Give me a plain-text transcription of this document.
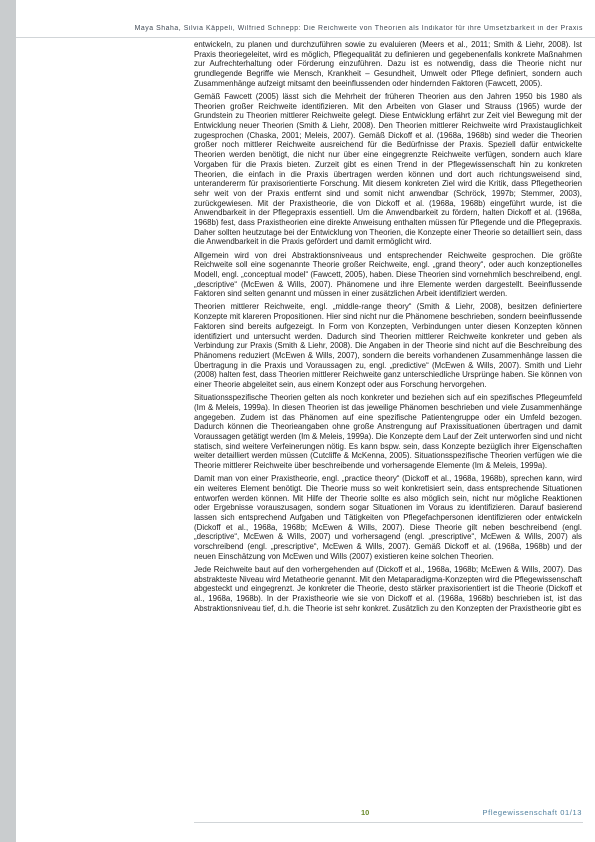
Maya Shaha, Silvia Käppeli, Wilfried Schnepp: Die Reichweite von Theorien als Indikator für ihre Umsetzbarkeit in der Praxis

entwickeln, zu planen und durchzuführen sowie zu evaluieren (Meers et al., 2011; Smith & Liehr, 2008). Ist Praxis theoriegeleitet, wird es möglich, Pflegequalität zu definieren und gegebenenfalls konkrete Maßnahmen zur Aufrechterhaltung oder Förderung einzuführen. Dazu ist es notwendig, dass die Theorie nicht nur grundlegende Begriffe wie Mensch, Krankheit – Gesundheit, Umwelt oder Pflege definiert, sondern auch Zusammenhänge aufzeigt mitsamt den beeinflussenden oder hindernden Faktoren (Fawcett, 2005).

Gemäß Fawcett (2005) lässt sich die Mehrheit der früheren Theorien aus den Jahren 1950 bis 1980 als Theorien großer Reichweite identifizieren. Mit den Arbeiten von Glaser und Strauss (1965) wurde der Grundstein zu Theorien mittlerer Reichweite gelegt. Diese Entwicklung erfährt zur Zeit viel Bewegung mit der Entwicklung neuer Theorien (Smith & Liehr, 2008). Den Theorien mittlerer Reichweite wird Praxistauglichkeit zugesprochen (Chaska, 2001; Meleis, 2007). Gemäß Dickoff et al. (1968a, 1968b) sind weder die Theorien großer noch mittlerer Reichweite ausreichend für die Bedürfnisse der Praxis. Speziell dafür entwickelte Theorien werden benötigt, die nicht nur über eine eingegrenzte Reichweite verfügen, sondern auch klare Vorgaben für die Praxis bieten. Zurzeit gibt es einen Trend in der Pflegewissenschaft hin zu konkreten Theorien, die einfach in die Praxis übertragen werden können und dort auch richtungsweisend sind, unterandererm für praxisorientierte Forschung. Mit diesem konkreten Ziel wird die Kritik, dass Pflegetheorien sehr weit von der Praxis entfernt sind und somit nicht anwendbar (Schröck, 1997b; Stemmer, 2003), zurückgewiesen. Mit der Praxistheorie, die von Dickoff et al. (1968a, 1968b) eingeführt wurde, ist die Anwendbarkeit in der Pflegepraxis essentiell. Um die Anwendbarkeit zu fördern, halten Dickoff et al. (1968a, 1968b) fest, dass Praxistheorien eine direkte Anweisung enthalten müssen für Pflegende und die Pflegepraxis. Daher sollten heutzutage bei der Entwicklung von Theorien, die Konzepte einer Theorie so detailliert sein, dass die Anwendbarkeit in die Praxis gefördert und damit ermöglicht wird.

Allgemein wird von drei Abstraktionsniveaus und entsprechender Reichweite gesprochen. Die größte Reichweite soll eine sogenannte Theorie großer Reichweite, engl. „grand theory“, oder auch konzeptionelles Modell, engl. „conceptual model“ (Fawcett, 2005), haben. Diese Theorien sind vornehmlich beschreibend, engl. „descriptive“ (McEwen & Wills, 2007). Phänomene und ihre Elemente werden dargestellt. Beeinflussende Faktoren sind selten genannt und müssen in einer zusätzlichen Arbeit identifiziert werden.

Theorien mittlerer Reichweite, engl. „middle-range theory“ (Smith & Liehr, 2008), besitzen definiertere Konzepte mit klareren Propositionen. Hier sind nicht nur die Phänomene beschrieben, sondern beeinflussende Faktoren sind bereits aufgezeigt. In Form von Konzepten, Verbindungen unter diesen Konzepten können identifiziert und untersucht werden. Dadurch sind Theorien mittlerer Reichweite konkreter und geben als Verbindung zur Praxis (Smith & Liehr, 2008). Die Angaben in der Theorie sind nicht auf die Beschreibung des Phänomens reduziert (McEwen & Wills, 2007), sondern die bereits vorhandenen Zusammenhänge lassen die Übertragung in die Praxis und Voraussagen zu, engl. „predictive“ (McEwen & Wills, 2007). Smith und Liehr (2008) halten fest, dass Theorien mittlerer Reichweite ganz unterschiedliche Ursprünge haben. Sie können von einer Theorie abgeleitet sein, aus einem Konzept oder aus Forschung hervorgehen.

Situationsspezifische Theorien gelten als noch konkreter und beziehen sich auf ein spezifisches Pflegeumfeld (Im & Meleis, 1999a). In diesen Theorien ist das jeweilige Phänomen beschrieben und viele Zusammenhänge angegeben. Zudem ist das Phänomen auf eine spezifische Patientengruppe oder ein Umfeld bezogen. Dadurch können die Theorieangaben ohne große Anstrengung auf Praxissituationen übertragen und damit Voraussagen getätigt werden (Im & Meleis, 1999a). Die Konzepte dem Lauf der Zeit unterworfen sind und nicht statisch, sind weitere Verfeinerungen nötig. Es kann bspw. sein, dass Konzepte bezüglich ihrer Eigenschaften weiter detailliert werden müssen (Cutcliffe & McKenna, 2005). Situationsspezifische Theorien verfügen wie die Theorie mittlerer Reichweite über beschreibende und vorhersagende Elemente (Im & Meleis, 1999a).

Damit man von einer Praxistheorie, engl. „practice theory“ (Dickoff et al., 1968a, 1968b), sprechen kann, wird ein weiteres Element benötigt. Die Theorie muss so weit konkretisiert sein, dass entsprechende Situationen entworfen werden können. Mit Hilfe der Theorie sollte es also möglich sein, nicht nur mögliche Reaktionen oder Ergebnisse vorauszusagen, sondern sogar Situationen im Voraus zu identifizieren. Darauf basierend lassen sich entsprechend Aufgaben und Tätigkeiten von Pflegefachpersonen identifizieren oder entwickeln (Dickoff et al., 1968a, 1968b; McEwen & Wills, 2007). Diese Theorie gilt neben beschreibend (engl. „descriptive“, McEwen & Wills, 2007) und vorhersagend (engl. „prescriptive“, McEwen & Wills, 2007) als vorschreibend (engl. „prescriptive“, McEwen & Wills, 2007). Gemäß Dickoff et al. (1968a, 1968b) und der neuen Einschätzung von McEwen und Wills (2007) existieren keine solchen Theorien.

Jede Reichweite baut auf den vorhergehenden auf (Dickoff et al., 1968a, 1968b; McEwen & Wills, 2007). Das abstrakteste Niveau wird Metatheorie genannt. Mit den Metaparadigma-Konzepten wird die Pflegewissenschaft abgesteckt und eingegrenzt. Je konkreter die Theorie, desto stärker praxisorientiert ist die Theorie (Dickoff et al., 1968a, 1968b). In der Praxistheorie wie sie von Dickoff et al. (1968a, 1968b) beschrieben ist, ist das Abstraktionsniveau tief, d.h. die Theorie ist sehr konkret. Zusätzlich zu den Konzepten der Praxistheorie gibt es

10	Pflegewissenschaft 01/13
